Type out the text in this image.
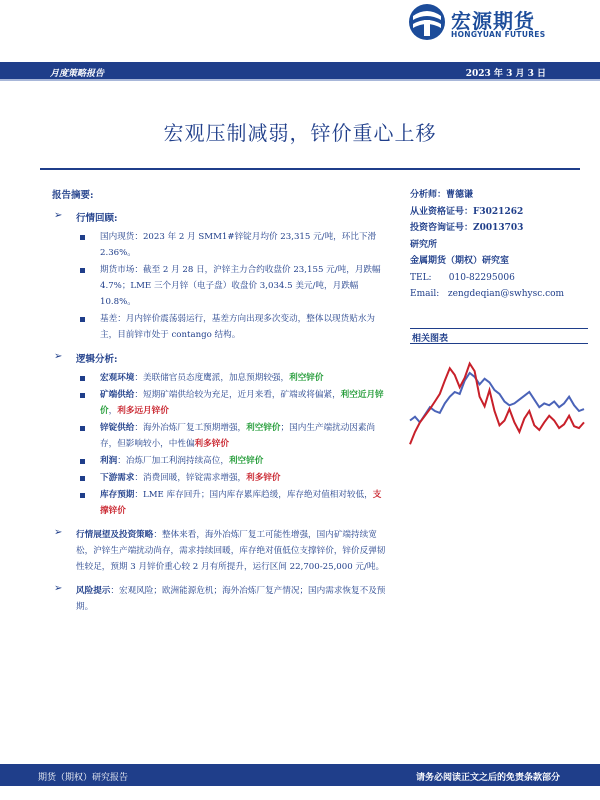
宏源期货
HONGYUAN FUTURES
月度策略报告	2023 年 3 月 3 日
宏观压制减弱，锌价重心上移
报告摘要:
➢ 行情回顾:
国内现货：2023 年 2 月 SMM1#锌锭月均价 23,315 元/吨，环比下滑 2.36%。
期货市场：截至 2 月 28 日，沪锌主力合约收盘价 23,155 元/吨，月跌幅 4.7%；LME 三个月锌（电子盘）收盘价 3,034.5 美元/吨，月跌幅 10.8%。
基差：月内锌价震荡弱运行，基差方向出现多次变动，整体以现货贴水为主，目前锌市处于 contango 结构。
➢ 逻辑分析:
宏观环境：美联储官员态度鹰派，加息预期较强，利空锌价
矿端供给：短期矿端供给较为充足，近月来看，矿端或将偏紧，利空近月锌价，利多远月锌价
锌锭供给：海外冶炼厂复工预期增强，利空锌价；国内生产端扰动因素尚存，但影响较小，中性偏利多锌价
利润：冶炼厂加工利润持续高位，利空锌价
下游需求：消费回暖，锌锭需求增强，利多锌价
库存预期：LME 库存回升；国内库存累库趋缓，库存绝对值相对较低，支撑锌价
➢ 行情展望及投资策略：整体来看，海外冶炼厂复工可能性增强，国内矿端持续宽松，沪锌生产端扰动尚存，需求持续回暖，库存绝对值低位支撑锌价，锌价反弹韧性较足，预期 3 月锌价重心较 2 月有所提升，运行区间 22,700-25,000 元/吨。
➢ 风险提示：宏观风险；欧洲能源危机；海外冶炼厂复产情况；国内需求恢复不及预期。
分析师：曹德谦
从业资格证号：F3021262
投资咨询证号：Z0013703
研究所
金属期货（期权）研究室
TEL: 010-82295006
Email: zengdeqian@swhysc.com
相关图表
期货（期权）研究报告	请务必阅读正文之后的免责条款部分
